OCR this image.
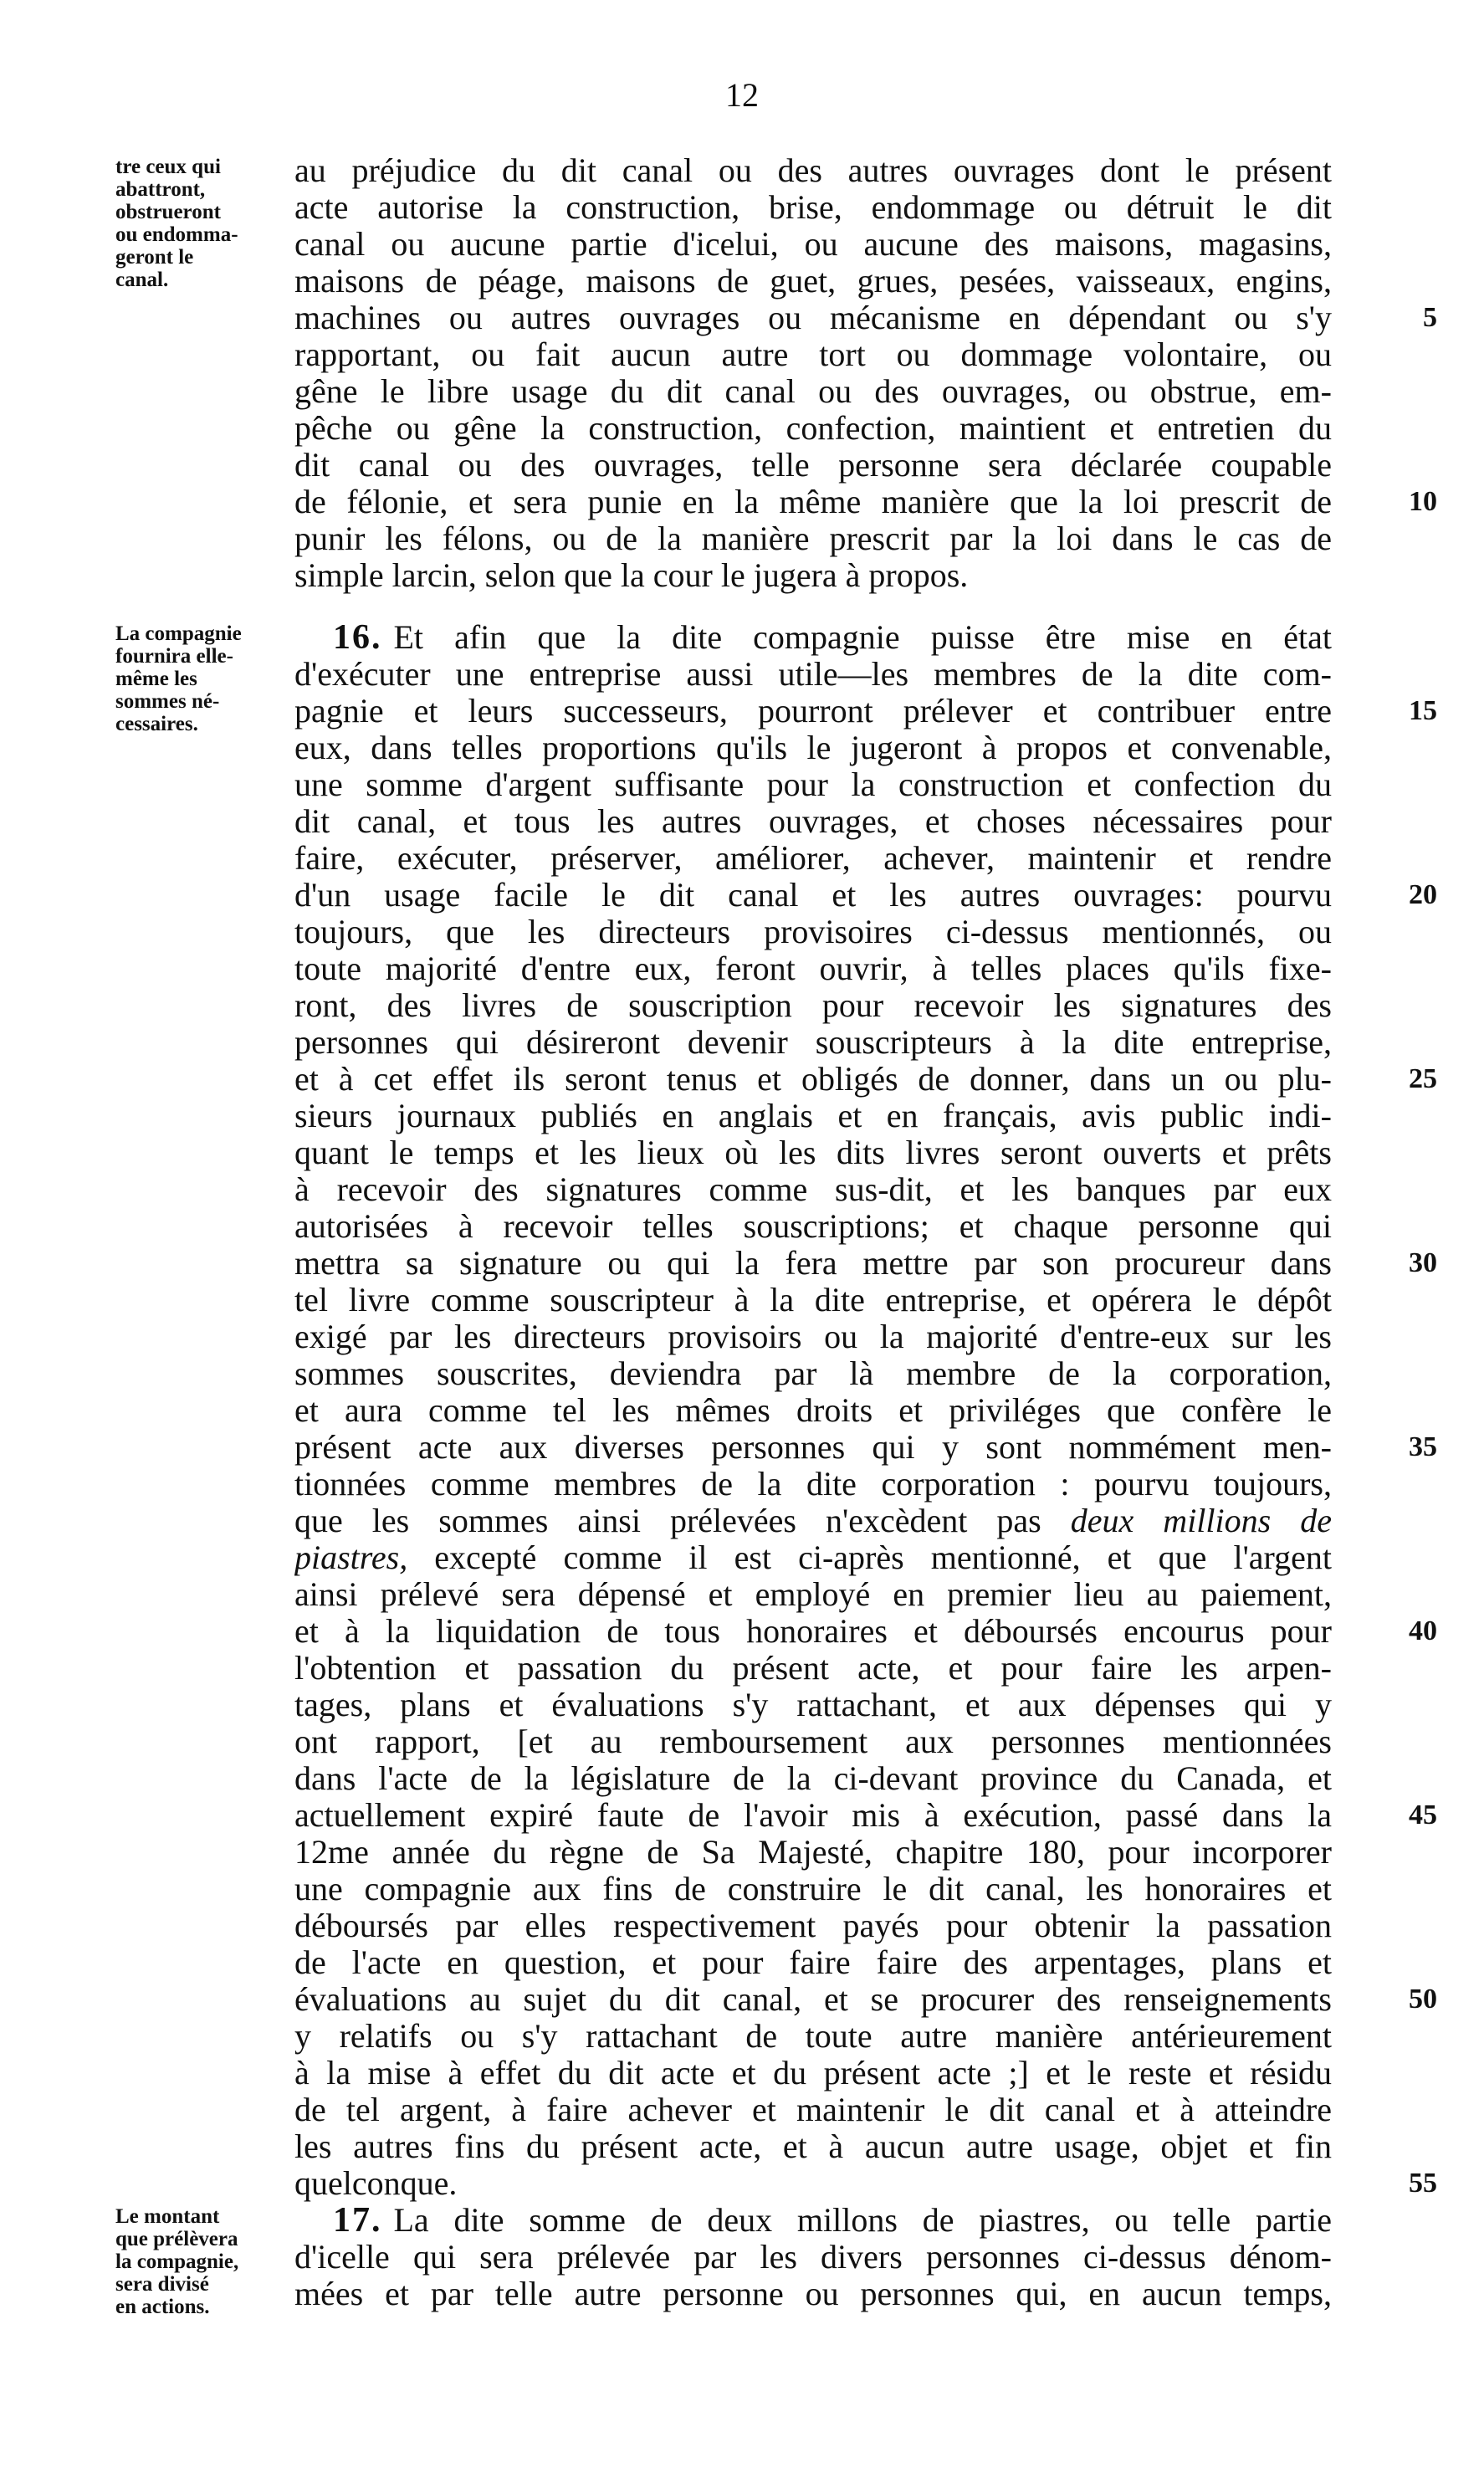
12
tre ceux qui
abattront,
obstrueront
ou endomma-
geront le
canal.
La compagnie
fournira elle-
même les
sommes né-
cessaires.
Le montant
que prélèvera
la compagnie,
sera divisé
en actions.
au préjudice du dit canal ou des autres ouvrages dont le présent
acte autorise la construction, brise, endommage ou détruit le dit
canal ou aucune partie d'icelui, ou aucune des maisons, magasins,
maisons de péage, maisons de guet, grues, pesées, vaisseaux, engins,
machines ou autres ouvrages ou mécanisme en dépendant ou s'y
rapportant, ou fait aucun autre tort ou dommage volontaire, ou
gêne le libre usage du dit canal ou des ouvrages, ou obstrue, em-
pêche ou gêne la construction, confection, maintient et entretien du
dit canal ou des ouvrages, telle personne sera déclarée coupable
de félonie, et sera punie en la même manière que la loi prescrit de
punir les félons, ou de la manière prescrit par la loi dans le cas de
simple larcin, selon que la cour le jugera à propos.
16. Et afin que la dite compagnie puisse être mise en état
d'exécuter une entreprise aussi utile—les membres de la dite com-
pagnie et leurs successeurs, pourront prélever et contribuer entre
eux, dans telles proportions qu'ils le jugeront à propos et convenable,
une somme d'argent suffisante pour la construction et confection du
dit canal, et tous les autres ouvrages, et choses nécessaires pour
faire, exécuter, préserver, améliorer, achever, maintenir et rendre
d'un usage facile le dit canal et les autres ouvrages: pourvu
toujours, que les directeurs provisoires ci-dessus mentionnés, ou
toute majorité d'entre eux, feront ouvrir, à telles places qu'ils fixe-
ront, des livres de souscription pour recevoir les signatures des
personnes qui désireront devenir souscripteurs à la dite entreprise,
et à cet effet ils seront tenus et obligés de donner, dans un ou plu-
sieurs journaux publiés en anglais et en français, avis public indi-
quant le temps et les lieux où les dits livres seront ouverts et prêts
à recevoir des signatures comme sus-dit, et les banques par eux
autorisées à recevoir telles souscriptions; et chaque personne qui
mettra sa signature ou qui la fera mettre par son procureur dans
tel livre comme souscripteur à la dite entreprise, et opérera le dépôt
exigé par les directeurs provisoirs ou la majorité d'entre-eux sur les
sommes souscrites, deviendra par là membre de la corporation,
et aura comme tel les mêmes droits et priviléges que confère le
présent acte aux diverses personnes qui y sont nommément men-
tionnées comme membres de la dite corporation : pourvu toujours,
que les sommes ainsi prélevées n'excèdent pas deux millions de
piastres, excepté comme il est ci-après mentionné, et que l'argent
ainsi prélevé sera dépensé et employé en premier lieu au paiement,
et à la liquidation de tous honoraires et déboursés encourus pour
l'obtention et passation du présent acte, et pour faire les arpen-
tages, plans et évaluations s'y rattachant, et aux dépenses qui y
ont rapport, [et au remboursement aux personnes mentionnées
dans l'acte de la législature de la ci-devant province du Canada, et
actuellement expiré faute de l'avoir mis à exécution, passé dans la
12me année du règne de Sa Majesté, chapitre 180, pour incorporer
une compagnie aux fins de construire le dit canal, les honoraires et
déboursés par elles respectivement payés pour obtenir la passation
de l'acte en question, et pour faire faire des arpentages, plans et
évaluations au sujet du dit canal, et se procurer des renseignements
y relatifs ou s'y rattachant de toute autre manière antérieurement
à la mise à effet du dit acte et du présent acte ;] et le reste et résidu
de tel argent, à faire achever et maintenir le dit canal et à atteindre
les autres fins du présent acte, et à aucun autre usage, objet et fin
quelconque.
17. La dite somme de deux millons de piastres, ou telle partie
d'icelle qui sera prélevée par les divers personnes ci-dessus dénom-
mées et par telle autre personne ou personnes qui, en aucun temps,
5
10
15
20
25
30
35
40
45
50
55
